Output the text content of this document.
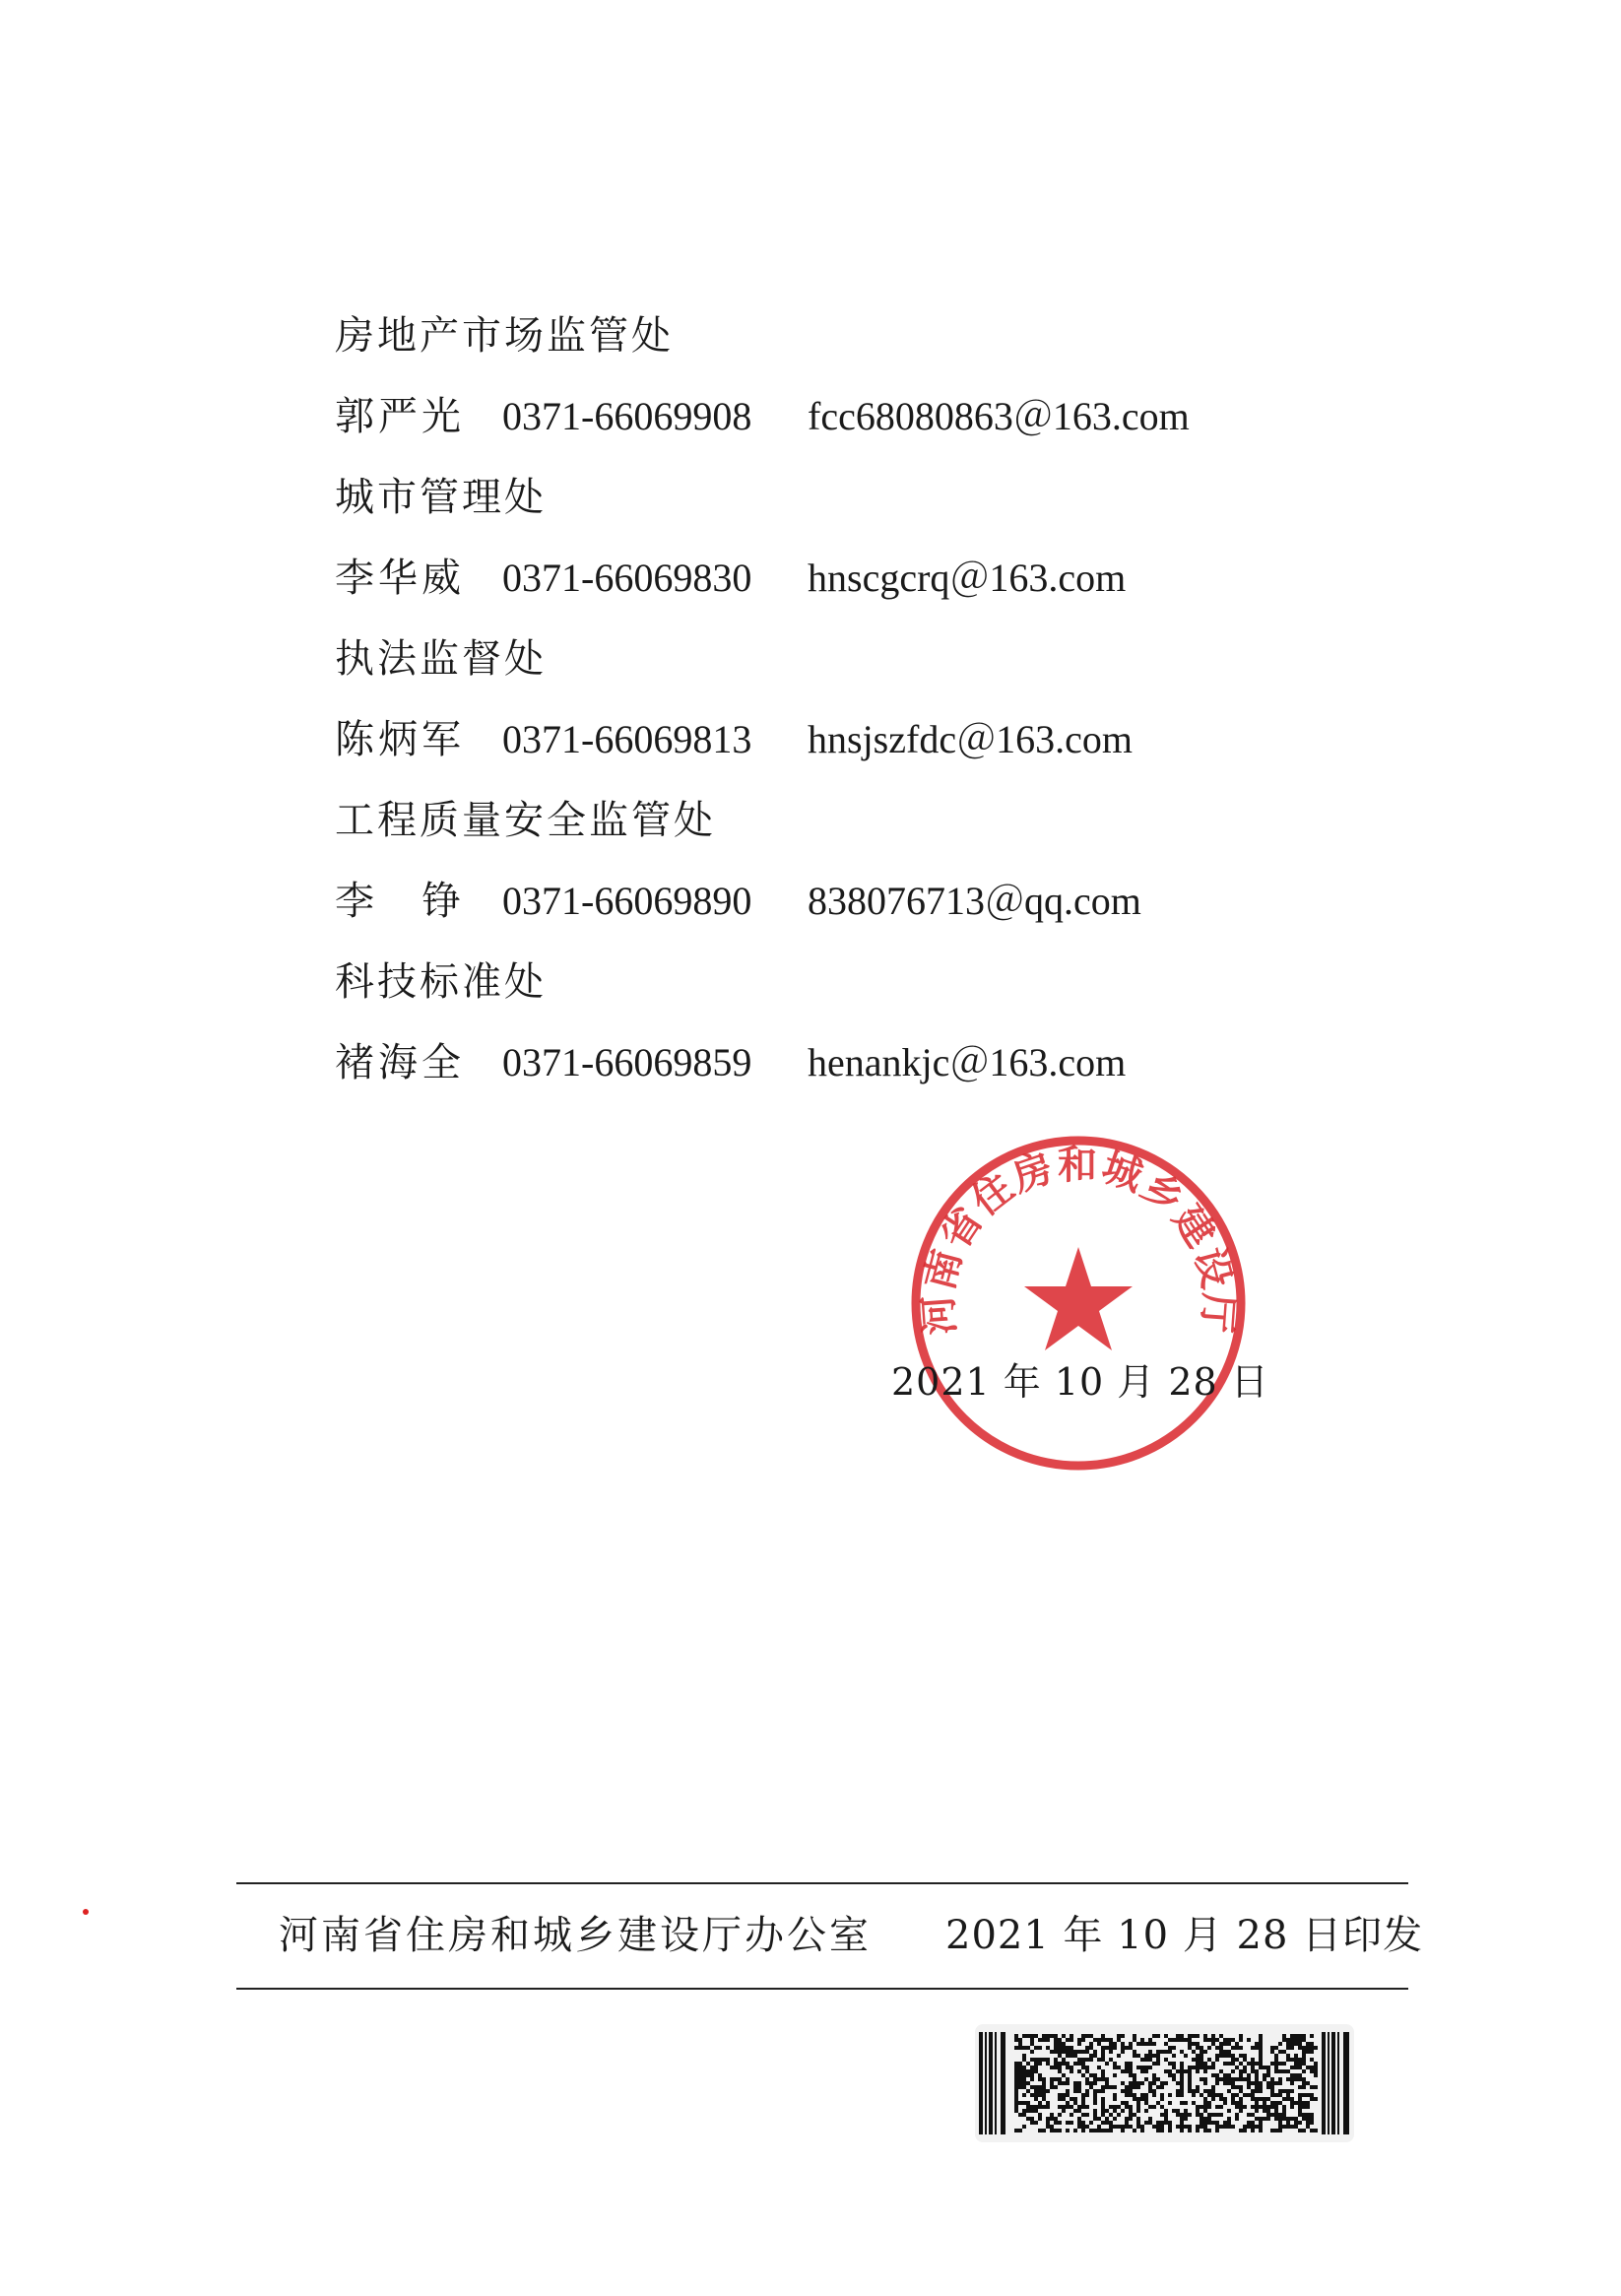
房地产市场监管处
郭严光 0371-66069908	fcc68080863＠163.com
城市管理处
李华威 0371-66069830	hnscgcrq＠163.com
执法监督处
陈炳军 0371-66069813	hnsjszfdc＠163.com
工程质量安全监管处
李　铮 0371-66069890	838076713＠qq.com
科技标准处
褚海全 0371-66069859	henankjc＠163.com
河南省住房和城乡建设厅
2021 年 10 月 28 日
河南省住房和城乡建设厅办公室 2021 年 10 月 28 日印发
